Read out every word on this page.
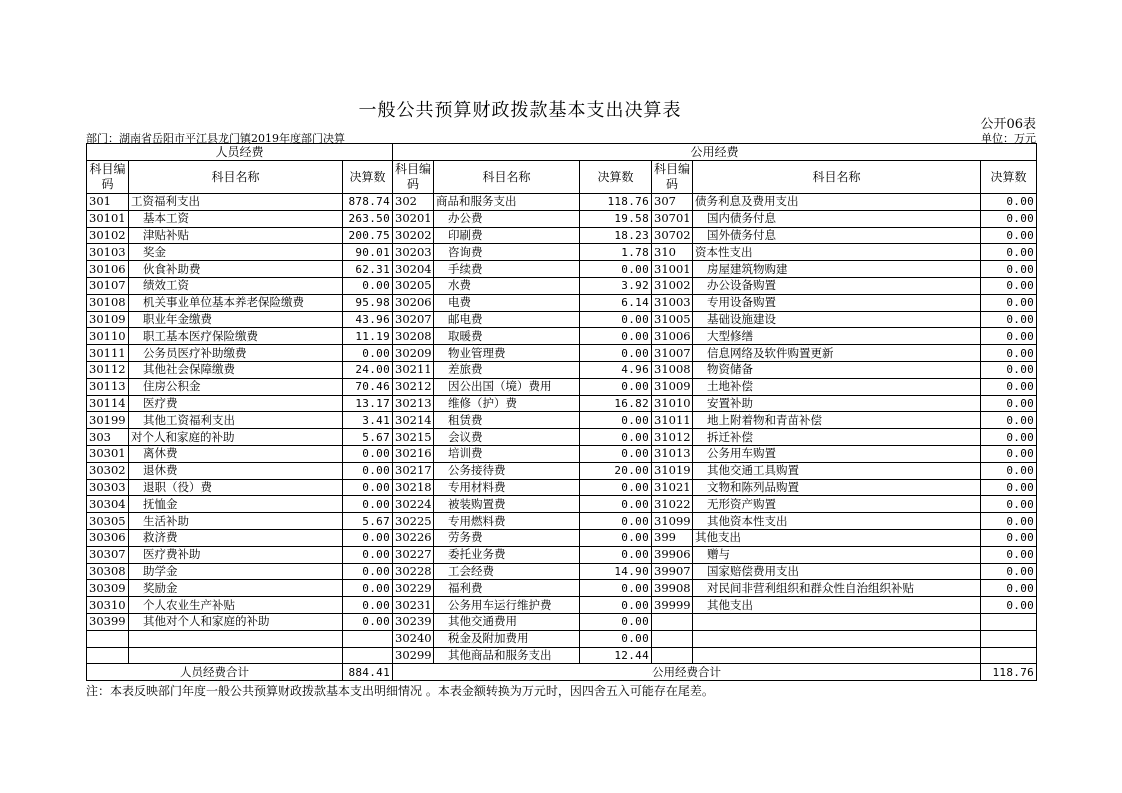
一般公共预算财政拨款基本支出决算表
公开06表
部门：湖南省岳阳市平江县龙门镇2019年度部门决算	单位：万元
人员经费			公用经费					
科目编码	科目名称	决算数	科目编码	科目名称	决算数	科目编码	科目名称	决算数
301	工资福利支出	878.74	302	商品和服务支出	118.76	307	债务利息及费用支出	0.00
30101	基本工资	263.50	30201	办公费	19.58	30701	国内债务付息	0.00
30102	津贴补贴	200.75	30202	印刷费	18.23	30702	国外债务付息	0.00
30103	奖金	90.01	30203	咨询费	1.78	310	资本性支出	0.00
30106	伙食补助费	62.31	30204	手续费	0.00	31001	房屋建筑物购建	0.00
30107	绩效工资	0.00	30205	水费	3.92	31002	办公设备购置	0.00
30108	机关事业单位基本养老保险缴费	95.98	30206	电费	6.14	31003	专用设备购置	0.00
30109	职业年金缴费	43.96	30207	邮电费	0.00	31005	基础设施建设	0.00
30110	职工基本医疗保险缴费	11.19	30208	取暖费	0.00	31006	大型修缮	0.00
30111	公务员医疗补助缴费	0.00	30209	物业管理费	0.00	31007	信息网络及软件购置更新	0.00
30112	其他社会保障缴费	24.00	30211	差旅费	4.96	31008	物资储备	0.00
30113	住房公积金	70.46	30212	因公出国（境）费用	0.00	31009	土地补偿	0.00
30114	医疗费	13.17	30213	维修（护）费	16.82	31010	安置补助	0.00
30199	其他工资福利支出	3.41	30214	租赁费	0.00	31011	地上附着物和青苗补偿	0.00
303	对个人和家庭的补助	5.67	30215	会议费	0.00	31012	拆迁补偿	0.00
30301	离休费	0.00	30216	培训费	0.00	31013	公务用车购置	0.00
30302	退休费	0.00	30217	公务接待费	20.00	31019	其他交通工具购置	0.00
30303	退职（役）费	0.00	30218	专用材料费	0.00	31021	文物和陈列品购置	0.00
30304	抚恤金	0.00	30224	被装购置费	0.00	31022	无形资产购置	0.00
30305	生活补助	5.67	30225	专用燃料费	0.00	31099	其他资本性支出	0.00
30306	救济费	0.00	30226	劳务费	0.00	399	其他支出	0.00
30307	医疗费补助	0.00	30227	委托业务费	0.00	39906	赠与	0.00
30308	助学金	0.00	30228	工会经费	14.90	39907	国家赔偿费用支出	0.00
30309	奖励金	0.00	30229	福利费	0.00	39908	对民间非营利组织和群众性自治组织补贴	0.00
30310	个人农业生产补贴	0.00	30231	公务用车运行维护费	0.00	39999	其他支出	0.00
30399	其他对个人和家庭的补助	0.00	30239	其他交通费用	0.00			
			30240	税金及附加费用	0.00			
			30299	其他商品和服务支出	12.44			
人员经费合计		884.41	公用经费合计					118.76
注：本表反映部门年度一般公共预算财政拨款基本支出明细情况 。本表金额转换为万元时，因四舍五入可能存在尾差。
